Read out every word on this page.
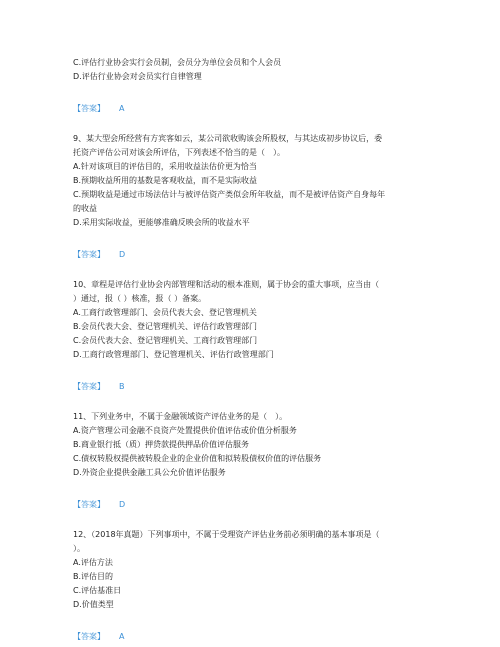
C.评估行业协会实行会员制，会员分为单位会员和个人会员
D.评估行业协会对会员实行自律管理
【答案】 A
9、某大型会所经营有方宾客如云，某公司欲收购该会所股权，与其达成初步协议后，委
托资产评估公司对该会所评估，下列表述不恰当的是（　）。
A.针对该项目的评估目的，采用收益法估价更为恰当
B.预期收益所用的基数是客观收益，而不是实际收益
C.预期收益是通过市场法估计与被评估资产类似会所年收益，而不是被评估资产自身每年
的收益
D.采用实际收益，更能够准确反映会所的收益水平
【答案】 D
10、章程是评估行业协会内部管理和活动的根本准则，属于协会的重大事项，应当由（
）通过，报（ ）核准，报（ ）备案。
A.工商行政管理部门、会员代表大会、登记管理机关
B.会员代表大会、登记管理机关、评估行政管理部门
C.会员代表大会、登记管理机关、工商行政管理部门
D.工商行政管理部门、登记管理机关、评估行政管理部门
【答案】 B
11、下列业务中，不属于金融领域资产评估业务的是（　）。
A.资产管理公司金融不良资产处置提供价值评估或价值分析服务
B.商业银行抵（质）押贷款提供押品价值评估服务
C.债权转股权提供被转股企业的企业价值和拟转股债权价值的评估服务
D.外资企业提供金融工具公允价值评估服务
【答案】 D
12、（2018年真题）下列事项中，不属于受理资产评估业务前必须明确的基本事项是（
）。
A.评估方法
B.评估目的
C.评估基准日
D.价值类型
【答案】 A
